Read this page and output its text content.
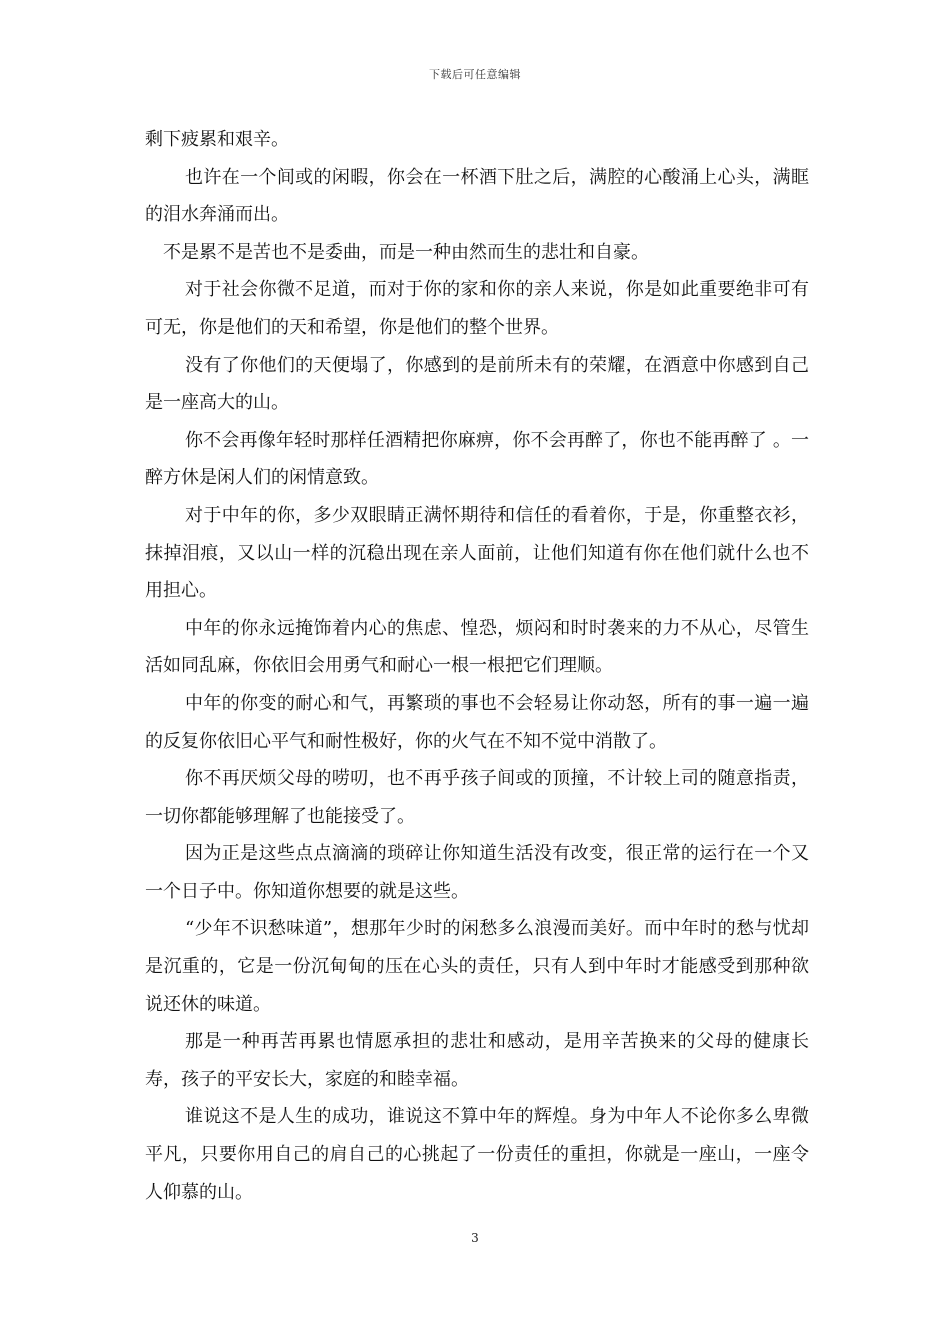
下载后可任意编辑

剩下疲累和艰辛。

也许在一个间或的闲暇，你会在一杯酒下肚之后，满腔的心酸涌上心头，满眶的泪水奔涌而出。

不是累不是苦也不是委曲，而是一种由然而生的悲壮和自豪。

对于社会你微不足道，而对于你的家和你的亲人来说，你是如此重要绝非可有可无，你是他们的天和希望，你是他们的整个世界。

没有了你他们的天便塌了，你感到的是前所未有的荣耀，在酒意中你感到自己是一座高大的山。

你不会再像年轻时那样任酒精把你麻痹，你不会再醉了，你也不能再醉了 。一醉方休是闲人们的闲情意致。

对于中年的你，多少双眼睛正满怀期待和信任的看着你，于是，你重整衣衫，抹掉泪痕，又以山一样的沉稳出现在亲人面前，让他们知道有你在他们就什么也不用担心。

中年的你永远掩饰着内心的焦虑、惶恐，烦闷和时时袭来的力不从心，尽管生活如同乱麻，你依旧会用勇气和耐心一根一根把它们理顺。

中年的你变的耐心和气，再繁琐的事也不会轻易让你动怒，所有的事一遍一遍的反复你依旧心平气和耐性极好，你的火气在不知不觉中消散了。

你不再厌烦父母的唠叨，也不再乎孩子间或的顶撞，不计较上司的随意指责，一切你都能够理解了也能接受了。

因为正是这些点点滴滴的琐碎让你知道生活没有改变，很正常的运行在一个又一个日子中。你知道你想要的就是这些。

“少年不识愁味道”，想那年少时的闲愁多么浪漫而美好。而中年时的愁与忧却是沉重的，它是一份沉甸甸的压在心头的责任，只有人到中年时才能感受到那种欲说还休的味道。

那是一种再苦再累也情愿承担的悲壮和感动，是用辛苦换来的父母的健康长寿，孩子的平安长大，家庭的和睦幸福。

谁说这不是人生的成功，谁说这不算中年的辉煌。身为中年人不论你多么卑微平凡，只要你用自己的肩自己的心挑起了一份责任的重担，你就是一座山，一座令人仰慕的山。

3
